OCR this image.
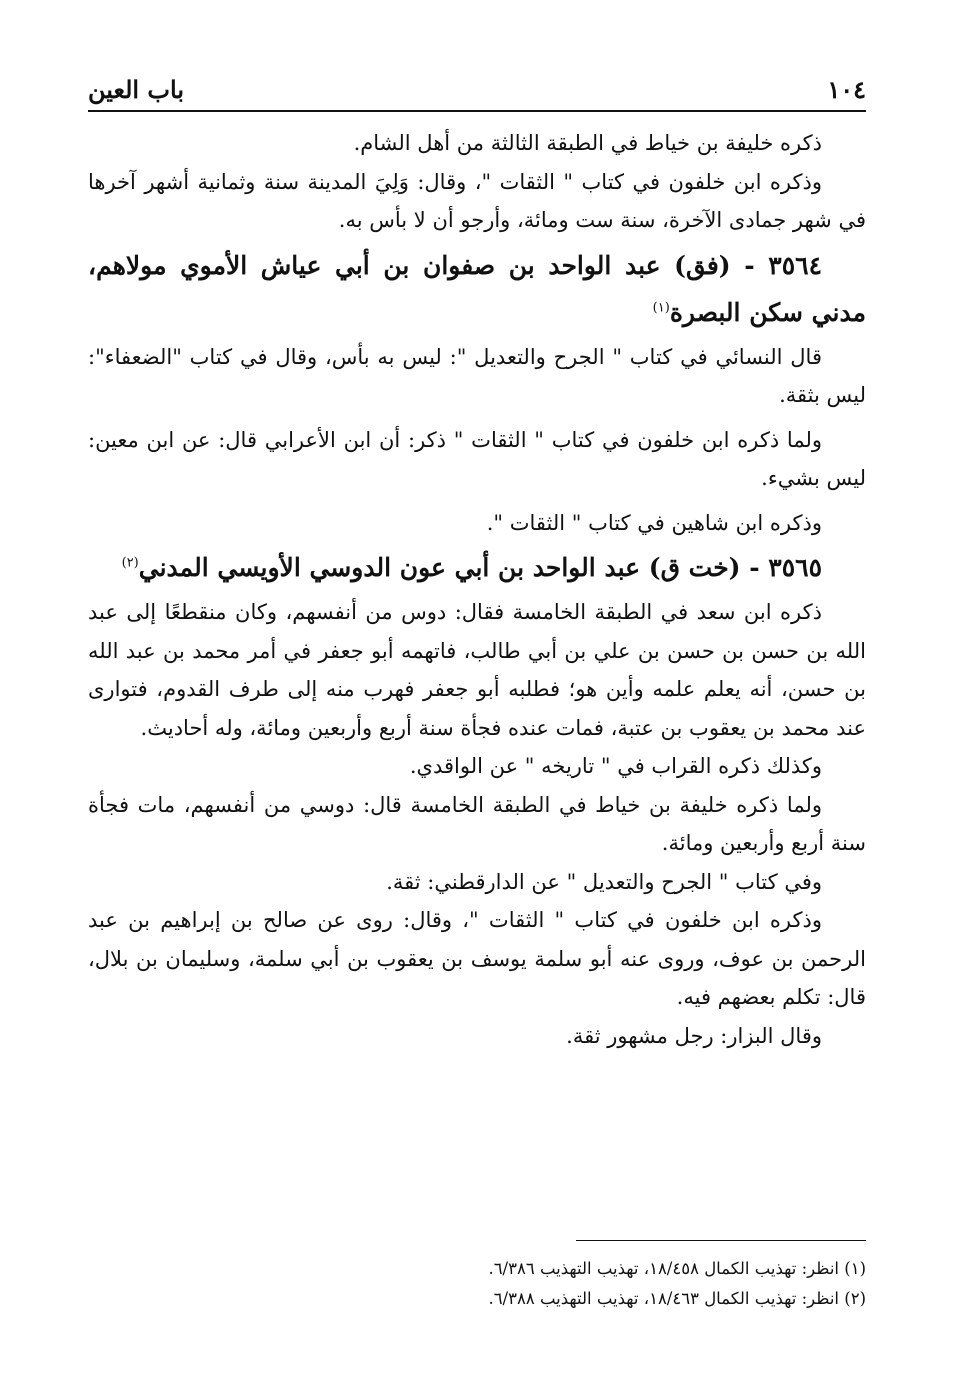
١٠٤
باب العين

ذكره خليفة بن خياط في الطبقة الثالثة من أهل الشام.

وذكره ابن خلفون في كتاب " الثقات "، وقال: وَلِيَ المدينة سنة وثمانية أشهر آخرها في شهر جمادى الآخرة، سنة ست ومائة، وأرجو أن لا بأس به.

٣٥٦٤ - (فق) عبد الواحد بن صفوان بن أبي عياش الأموي مولاهم، مدني سكن البصرة$^{(١)}$

قال النسائي في كتاب " الجرح والتعديل ": ليس به بأس، وقال في كتاب "الضعفاء": ليس بثقة.

ولما ذكره ابن خلفون في كتاب " الثقات " ذكر: أن ابن الأعرابي قال: عن ابن معين: ليس بشيء.

وذكره ابن شاهين في كتاب " الثقات ".

٣٥٦٥ - (خت ق) عبد الواحد بن أبي عون الدوسي الأويسي المدني$^{(٢)}$

ذكره ابن سعد في الطبقة الخامسة فقال: دوس من أنفسهم، وكان منقطعًا إلى عبد الله بن حسن بن حسن بن علي بن أبي طالب، فاتهمه أبو جعفر في أمر محمد بن عبد الله بن حسن، أنه يعلم علمه وأين هو؛ فطلبه أبو جعفر فهرب منه إلى طرف القدوم، فتوارى عند محمد بن يعقوب بن عتبة، فمات عنده فجأة سنة أربع وأربعين ومائة، وله أحاديث.

وكذلك ذكره القراب في " تاريخه " عن الواقدي.

ولما ذكره خليفة بن خياط في الطبقة الخامسة قال: دوسي من أنفسهم، مات فجأة سنة أربع وأربعين ومائة.

وفي كتاب " الجرح والتعديل " عن الدارقطني: ثقة.

وذكره ابن خلفون في كتاب " الثقات "، وقال: روى عن صالح بن إبراهيم بن عبد الرحمن بن عوف، وروى عنه أبو سلمة يوسف بن يعقوب بن أبي سلمة، وسليمان بن بلال، قال: تكلم بعضهم فيه.

وقال البزار: رجل مشهور ثقة.

(١) انظر: تهذيب الكمال ١٨/٤٥٨، تهذيب التهذيب ٦/٣٨٦.

(٢) انظر: تهذيب الكمال ١٨/٤٦٣، تهذيب التهذيب ٦/٣٨٨.
